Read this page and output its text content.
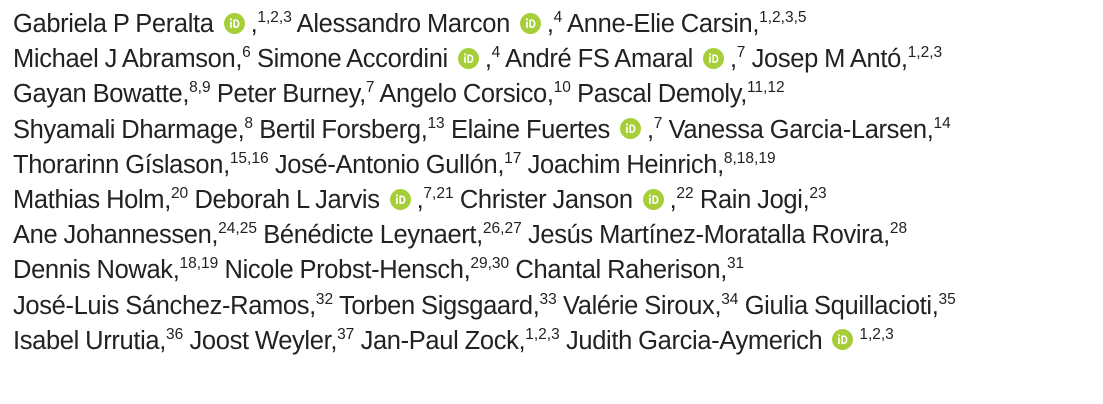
Gabriela P Peralta ,$^{1,2,3}$ Alessandro Marcon ,$^4$ Anne-Elie Carsin,$^{1,2,3,5}$
Michael J Abramson,$^6$ Simone Accordini ,$^4$ André FS Amaral ,$^7$ Josep M Antó,$^{1,2,3}$
Gayan Bowatte,$^{8,9}$ Peter Burney,$^7$ Angelo Corsico,$^{10}$ Pascal Demoly,$^{11,12}$
Shyamali Dharmage,$^8$ Bertil Forsberg,$^{13}$ Elaine Fuertes ,$^7$ Vanessa Garcia-Larsen,$^{14}$
Thorarinn Gíslason,$^{15,16}$ José-Antonio Gullón,$^{17}$ Joachim Heinrich,$^{8,18,19}$
Mathias Holm,$^{20}$ Deborah L Jarvis ,$^{7,21}$ Christer Janson ,$^{22}$ Rain Jogi,$^{23}$
Ane Johannessen,$^{24,25}$ Bénédicte Leynaert,$^{26,27}$ Jesús Martínez-Moratalla Rovira,$^{28}$
Dennis Nowak,$^{18,19}$ Nicole Probst-Hensch,$^{29,30}$ Chantal Raherison,$^{31}$
José-Luis Sánchez-Ramos,$^{32}$ Torben Sigsgaard,$^{33}$ Valérie Siroux,$^{34}$ Giulia Squillacioti,$^{35}$
Isabel Urrutia,$^{36}$ Joost Weyler,$^{37}$ Jan-Paul Zock,$^{1,2,3}$ Judith Garcia-Aymerich $^{1,2,3}$
